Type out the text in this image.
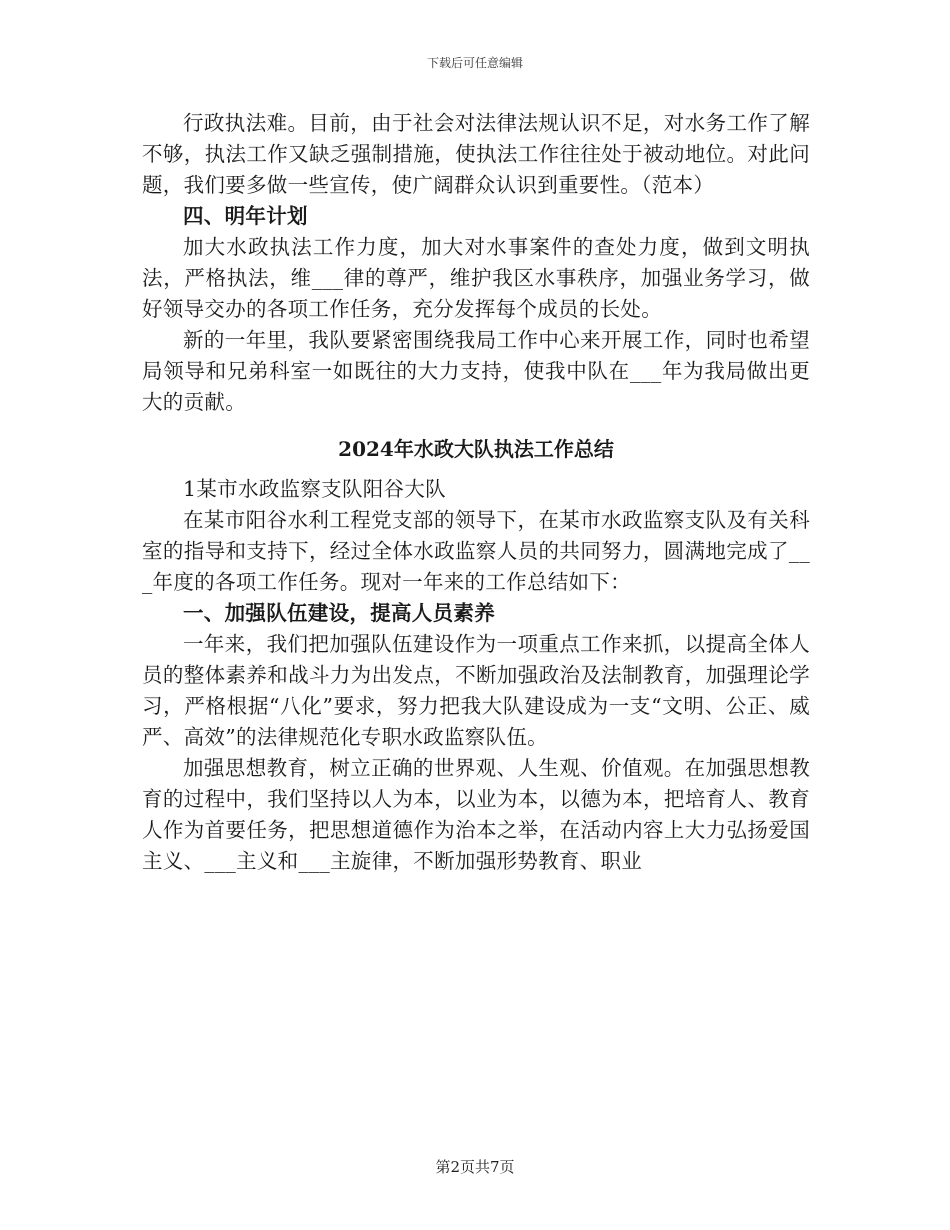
下载后可任意编辑

行政执法难。目前，由于社会对法律法规认识不足，对水务工作了解不够，执法工作又缺乏强制措施，使执法工作往往处于被动地位。对此问题，我们要多做一些宣传，使广阔群众认识到重要性。（范本）

四、明年计划

加大水政执法工作力度，加大对水事案件的查处力度，做到文明执法，严格执法，维___律的尊严，维护我区水事秩序，加强业务学习，做好领导交办的各项工作任务，充分发挥每个成员的长处。

新的一年里，我队要紧密围绕我局工作中心来开展工作，同时也希望局领导和兄弟科室一如既往的大力支持，使我中队在___年为我局做出更大的贡献。

2024年水政大队执法工作总结

1某市水政监察支队阳谷大队

在某市阳谷水利工程党支部的领导下，在某市水政监察支队及有关科室的指导和支持下，经过全体水政监察人员的共同努力，圆满地完成了___年度的各项工作任务。现对一年来的工作总结如下：

一、加强队伍建设，提高人员素养

一年来，我们把加强队伍建设作为一项重点工作来抓，以提高全体人员的整体素养和战斗力为出发点，不断加强政治及法制教育，加强理论学习，严格根据“八化”要求，努力把我大队建设成为一支“文明、公正、威严、高效”的法律规范化专职水政监察队伍。

加强思想教育，树立正确的世界观、人生观、价值观。在加强思想教育的过程中，我们坚持以人为本，以业为本，以德为本，把培育人、教育人作为首要任务，把思想道德作为治本之举，在活动内容上大力弘扬爱国主义、___主义和___主旋律，不断加强形势教育、职业

第2页共7页
